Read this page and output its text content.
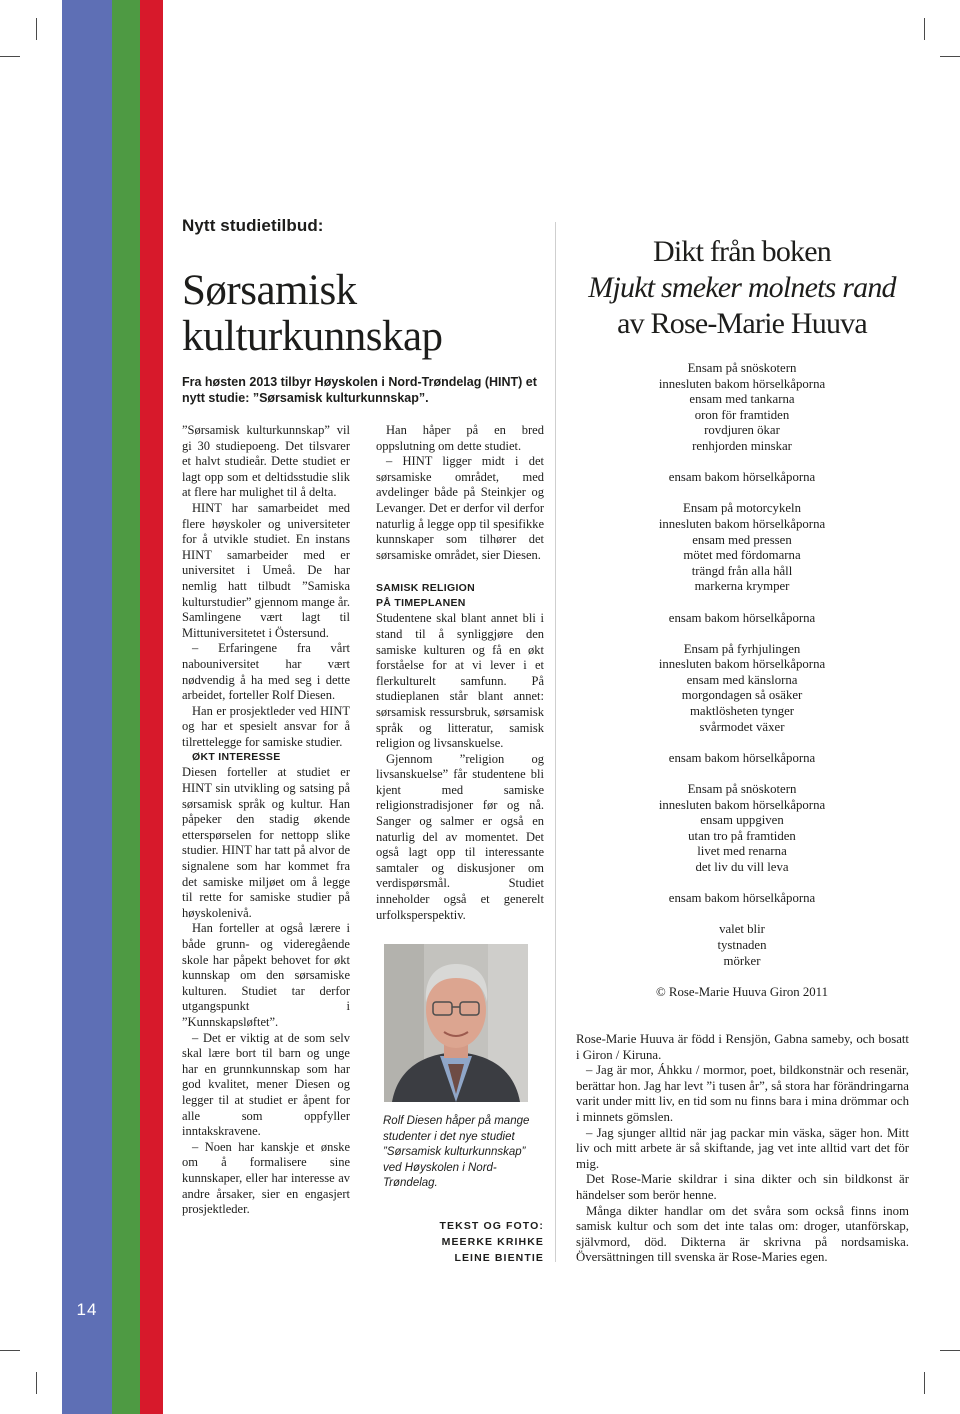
Nytt studietilbud:
Sørsamisk
kulturkunnskap
Fra høsten 2013 tilbyr Høyskolen i Nord-Trøndelag (HINT) et
nytt studie: ”Sørsamisk kulturkunnskap”.

”Sørsamisk kulturkunnskap” vil gi 30 studiepoeng. Det tilsvarer et halvt studieår. Dette studiet er lagt opp som et deltidsstudie slik at flere har mulighet til å delta.

HINT har samarbeidet med flere høyskoler og universiteter for å utvikle studiet. En instans HINT samarbeider med er universitet i Umeå. De har nemlig hatt tilbudt ”Samiska kulturstudier” gjennom mange år. Samlingene vært lagt til Mittuniversitetet i Östersund.

– Erfaringene fra vårt nabouniversitet har vært nødvendig å ha med seg i dette arbeidet, forteller Rolf Diesen.

Han er prosjektleder ved HINT og har et spesielt ansvar for å tilrettelegge for samiske studier.

ØKT INTERESSE

Diesen forteller at studiet er HINT sin utvikling og satsing på sørsamisk språk og kultur. Han påpeker den stadig økende etterspørselen for nettopp slike studier. HINT har tatt på alvor de signalene som har kommet fra det samiske miljøet om å legge til rette for samiske studier på høyskolenivå.

Han forteller at også lærere i både grunn- og videregående skole har påpekt behovet for økt kunnskap om den sørsamiske kulturen. Studiet tar derfor utgangspunkt i ”Kunnskapsløftet”.

– Det er viktig at de som selv skal lære bort til barn og unge har en grunnkunnskap som har god kvalitet, mener Diesen og legger til at studiet er åpent for alle som oppfyller inntakskravene.

– Noen har kanskje et ønske om å formalisere sine kunnskaper, eller har interesse av andre årsaker, sier en engasjert prosjektleder.

Han håper på en bred oppslutning om dette studiet.

– HINT ligger midt i det sørsamiske området, med avdelinger både på Steinkjer og Levanger. Det er derfor vil derfor naturlig å legge opp til spesifikke kunnskaper som tilhører det sørsamiske området, sier Diesen.

SAMISK RELIGION
PÅ TIMEPLANEN

Studentene skal blant annet bli i stand til å synliggjøre den samiske kulturen og få en økt forståelse for at vi lever i et flerkulturelt samfunn. På studieplanen står blant annet: sørsamisk ressursbruk, sørsamisk språk og litteratur, samisk religion og livsanskuelse.

Gjennom ”religion og livsanskuelse” får studentene bli kjent med samiske religionstradisjoner før og nå. Sanger og salmer er også en naturlig del av momentet. Det også lagt opp til interessante samtaler og diskusjoner om verdispørsmål. Studiet inneholder også et generelt urfolksperspektiv.

Rolf Diesen håper på mange studenter i det nye studiet ”Sørsamisk kulturkunnskap” ved Høyskolen i Nord-Trøndelag.
TEKST OG FOTO:
MEERKE KRIHKE
LEINE BIENTIE
Dikt från boken
Mjukt smeker molnets rand
av Rose-Marie Huuva
Ensam på snöskotern
innesluten bakom hörselkåporna
ensam med tankarna
oron för framtiden
rovdjuren ökar
renhjorden minskar
ensam bakom hörselkåporna
Ensam på motorcykeln
innesluten bakom hörselkåporna
ensam med pressen
mötet med fördomarna
trängd från alla håll
markerna krymper
ensam bakom hörselkåporna
Ensam på fyrhjulingen
innesluten bakom hörselkåporna
ensam med känslorna
morgondagen så osäker
maktlösheten tynger
svårmodet växer
ensam bakom hörselkåporna
Ensam på snöskotern
innesluten bakom hörselkåporna
ensam uppgiven
utan tro på framtiden
livet med renarna
det liv du vill leva
ensam bakom hörselkåporna
valet blir
tystnaden
mörker
© Rose-Marie Huuva Giron 2011

Rose-Marie Huuva är född i Rensjön, Gabna sameby, och bosatt i Giron / Kiruna.

– Jag är mor, Áhkku / mormor, poet, bildkonstnär och resenär, berättar hon. Jag har levt ”i tusen år”, så stora har förändringarna varit under mitt liv, en tid som nu finns bara i mina drömmar och i minnets gömslen.

– Jag sjunger alltid när jag packar min väska, säger hon. Mitt liv och mitt arbete är så skiftande, jag vet inte alltid vart det för mig.

Det Rose-Marie skildrar i sina dikter och sin bildkonst är händelser som berör henne.

Många dikter handlar om det svåra som också finns inom samisk kultur och som det inte talas om: droger, utanförskap, självmord, död. Dikterna är skrivna på nordsamiska. Översättningen till svenska är Rose-Maries egen.

14
